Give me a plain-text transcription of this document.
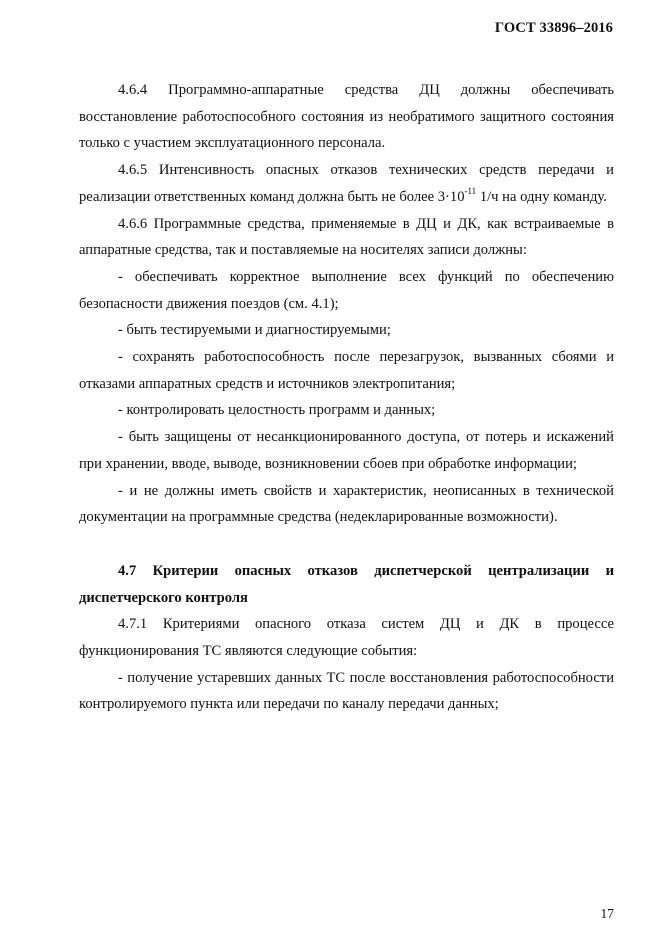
ГОСТ 33896–2016

4.6.4 Программно-аппаратные средства ДЦ должны обеспечивать восстановление работоспособного состояния из необратимого защитного состояния только с участием эксплуатационного персонала.

4.6.5 Интенсивность опасных отказов технических средств передачи и реализации ответственных команд должна быть не более $3\cdot 10^{-11}$ 1/ч на одну команду.

4.6.6 Программные средства, применяемые в ДЦ и ДК, как встраиваемые в аппаратные средства, так и поставляемые на носителях записи должны:

- обеспечивать корректное выполнение всех функций по обеспечению безопасности движения поездов (см. 4.1);

- быть тестируемыми и диагностируемыми;

- сохранять работоспособность после перезагрузок, вызванных сбоями и отказами аппаратных средств и источников электропитания;

- контролировать целостность программ и данных;

- быть защищены от несанкционированного доступа, от потерь и искажений при хранении, вводе, выводе, возникновении сбоев при обработке информации;

- и не должны иметь свойств и характеристик, неописанных в технической документации на программные средства (недекларированные возможности).

4.7 Критерии опасных отказов диспетчерской централизации и диспетчерского контроля

4.7.1 Критериями опасного отказа систем ДЦ и ДК в процессе функционирования ТС являются следующие события:

- получение устаревших данных ТС после восстановления работоспособности контролируемого пункта или передачи по каналу передачи данных;

17
